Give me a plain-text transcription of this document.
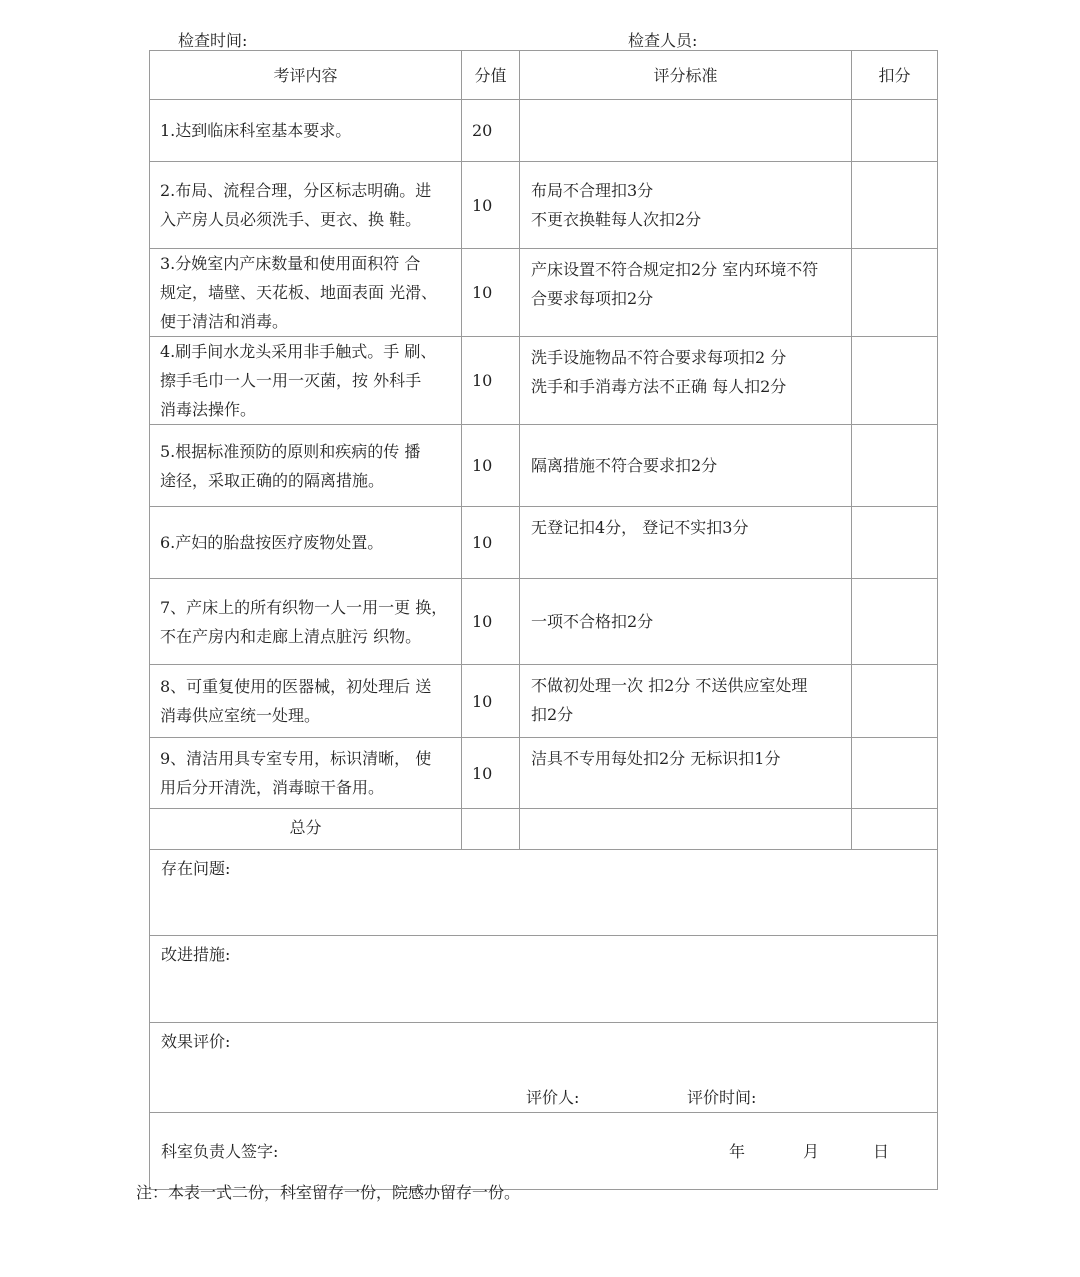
检查时间:	检查人员:
考评内容	分值	评分标准	扣分

1.达到临床科室基本要求。	20		

2.布局、流程合理，分区标志明确。进
入产房人员必须洗手、更衣、换 鞋。	10	布局不合理扣3分
不更衣换鞋每人次扣2分	

3.分娩室内产床数量和使用面积符 合
规定，墙壁、天花板、地面表面 光滑、
便于清洁和消毒。	10	产床设置不符合规定扣2分 室内环境不符
合要求每项扣2分	

4.刷手间水龙头采用非手触式。手 刷、
擦手毛巾一人一用一灭菌，按 外科手
消毒法操作。	10	洗手设施物品不符合要求每项扣2 分
洗手和手消毒方法不正确 每人扣2分	

5.根据标准预防的原则和疾病的传 播
途径，采取正确的的隔离措施。	10	隔离措施不符合要求扣2分	

6.产妇的胎盘按医疗废物处置。	10	无登记扣4分， 登记不实扣3分	

7、产床上的所有织物一人一用一更 换，
不在产房内和走廊上清点脏污 织物。	10	一项不合格扣2分	

8、可重复使用的医器械，初处理后 送
消毒供应室统一处理。	10	不做初处理一次 扣2分 不送供应室处理
扣2分	

9、清洁用具专室专用，标识清晰， 使
用后分开清洗，消毒晾干备用。	10	洁具不专用每处扣2分 无标识扣1分	

总分			
存在问题:			
改进措施:			

效果评价:
评价人: 评价时间:			

科室负责人签字: 年 月 日			
注：本表一式二份，科室留存一份，院感办留存一份。
